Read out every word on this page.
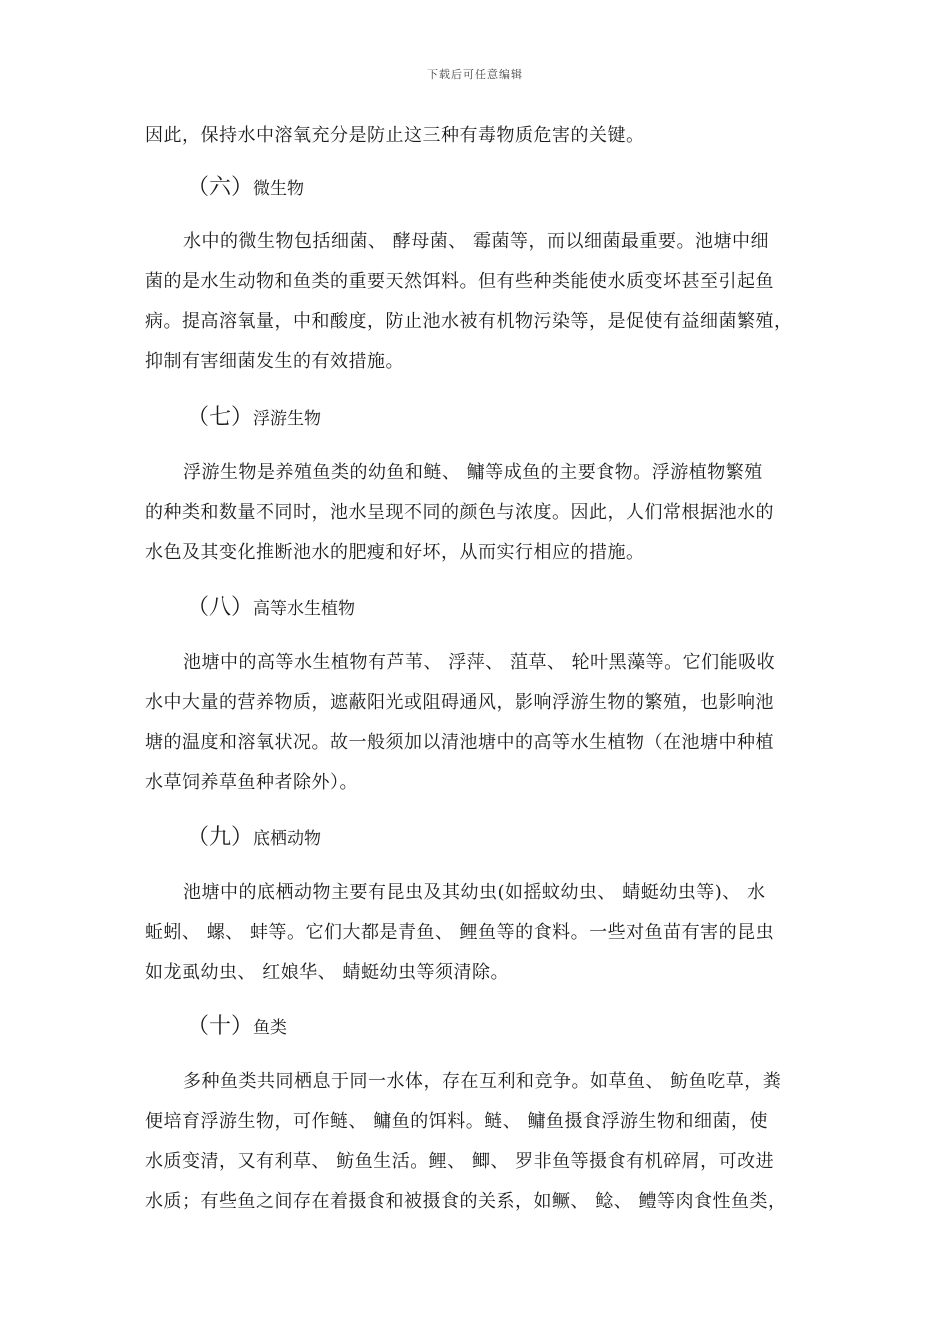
下载后可任意编辑
因此，保持水中溶氧充分是防止这三种有毒物质危害的关键。
（六）微生物
水中的微生物包括细菌、 酵母菌、 霉菌等，而以细菌最重要。池塘中细
菌的是水生动物和鱼类的重要天然饵料。但有些种类能使水质变坏甚至引起鱼
病。提高溶氧量，中和酸度，防止池水被有机物污染等，是促使有益细菌繁殖，
抑制有害细菌发生的有效措施。
（七）浮游生物
浮游生物是养殖鱼类的幼鱼和鲢、 鳙等成鱼的主要食物。浮游植物繁殖
的种类和数量不同时，池水呈现不同的颜色与浓度。因此，人们常根据池水的
水色及其变化推断池水的肥瘦和好坏，从而实行相应的措施。
（八）高等水生植物
池塘中的高等水生植物有芦苇、 浮萍、 菹草、 轮叶黑藻等。它们能吸收
水中大量的营养物质，遮蔽阳光或阻碍通风，影响浮游生物的繁殖，也影响池
塘的温度和溶氧状况。故一般须加以清池塘中的高等水生植物（在池塘中种植
水草饲养草鱼种者除外）。
（九）底栖动物
池塘中的底栖动物主要有昆虫及其幼虫(如摇蚊幼虫、 蜻蜓幼虫等)、 水
蚯蚓、 螺、 蚌等。它们大都是青鱼、 鲤鱼等的食料。一些对鱼苗有害的昆虫
如龙虱幼虫、 红娘华、 蜻蜓幼虫等须清除。
（十）鱼类
多种鱼类共同栖息于同一水体，存在互利和竞争。如草鱼、 鲂鱼吃草，粪
便培育浮游生物，可作鲢、 鳙鱼的饵料。鲢、 鳙鱼摄食浮游生物和细菌，使
水质变清，又有利草、 鲂鱼生活。鲤、 鲫、 罗非鱼等摄食有机碎屑，可改进
水质；有些鱼之间存在着摄食和被摄食的关系，如鳜、 鲶、 鳢等肉食性鱼类，
